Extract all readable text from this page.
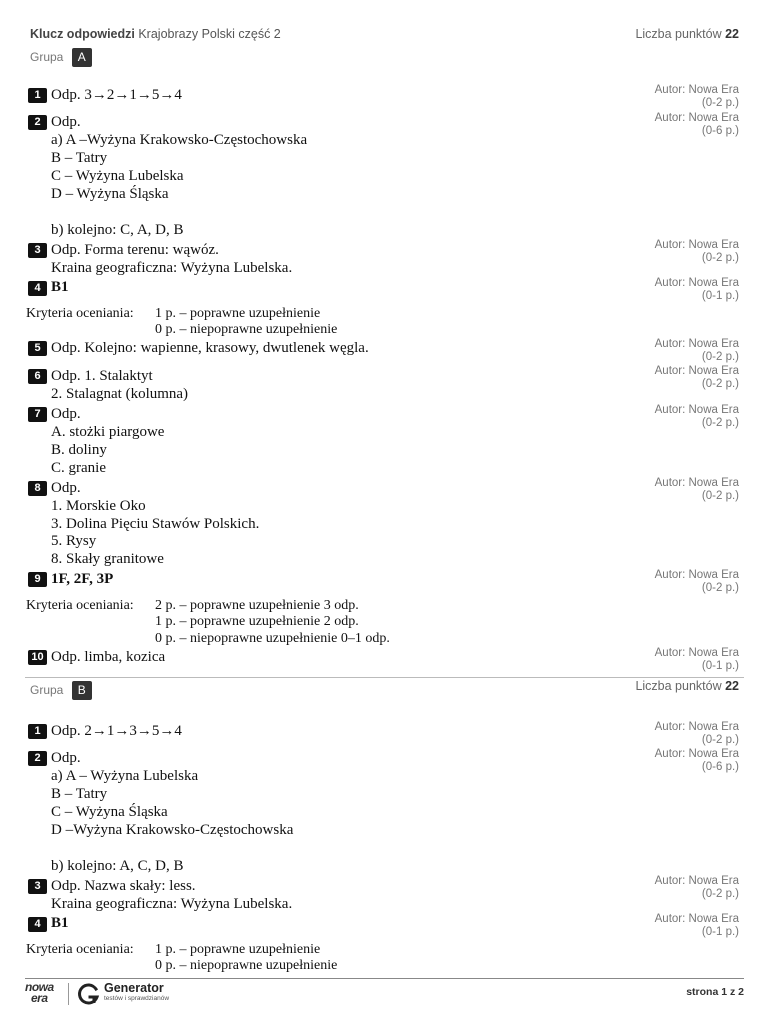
Klucz odpowiedzi Krajobrazy Polski część 2	Liczba punktów 22
Grupa A
1 Odp. 3→2→1→5→4	Autor: Nowa Era
(0-2 p.)
2 Odp.
a) A –Wyżyna Krakowsko-Częstochowska
B – Tatry
C – Wyżyna Lubelska
D – Wyżyna Śląska
b) kolejno: C, A, D, B
Autor: Nowa Era
(0-6 p.)
3 Odp. Forma terenu: wąwóz.
Kraina geograficzna: Wyżyna Lubelska.
Autor: Nowa Era
(0-2 p.)
4 B1	Autor: Nowa Era
(0-1 p.)
Kryteria oceniania: 1 p. – poprawne uzupełnienie
0 p. – niepoprawne uzupełnienie
5 Odp. Kolejno: wapienne, krasowy, dwutlenek węgla.	Autor: Nowa Era
(0-2 p.)
6 Odp. 1. Stalaktyt
2. Stalagnat (kolumna)
Autor: Nowa Era
(0-2 p.)
7 Odp.
A. stożki piargowe
B. doliny
C. granie
Autor: Nowa Era
(0-2 p.)
8 Odp.
1. Morskie Oko
3. Dolina Pięciu Stawów Polskich.
5. Rysy
8. Skały granitowe
Autor: Nowa Era
(0-2 p.)
9 1F, 2F, 3P	Autor: Nowa Era
(0-2 p.)
Kryteria oceniania: 2 p. – poprawne uzupełnienie 3 odp.
1 p. – poprawne uzupełnienie 2 odp.
0 p. – niepoprawne uzupełnienie 0–1 odp.
10 Odp. limba, kozica	Autor: Nowa Era
(0-1 p.)
Grupa B	Liczba punktów 22
1 Odp. 2→1→3→5→4	Autor: Nowa Era
(0-2 p.)
2 Odp.
a) A – Wyżyna Lubelska
B – Tatry
C – Wyżyna Śląska
D –Wyżyna Krakowsko-Częstochowska
b) kolejno: A, C, D, B
Autor: Nowa Era
(0-6 p.)
3 Odp. Nazwa skały: less.
Kraina geograficzna: Wyżyna Lubelska.
Autor: Nowa Era
(0-2 p.)
4 B1	Autor: Nowa Era
(0-1 p.)
Kryteria oceniania: 1 p. – poprawne uzupełnienie
0 p. – niepoprawne uzupełnienie
nowa
era
Generator
testów i sprawdzianów
strona 1 z 2
